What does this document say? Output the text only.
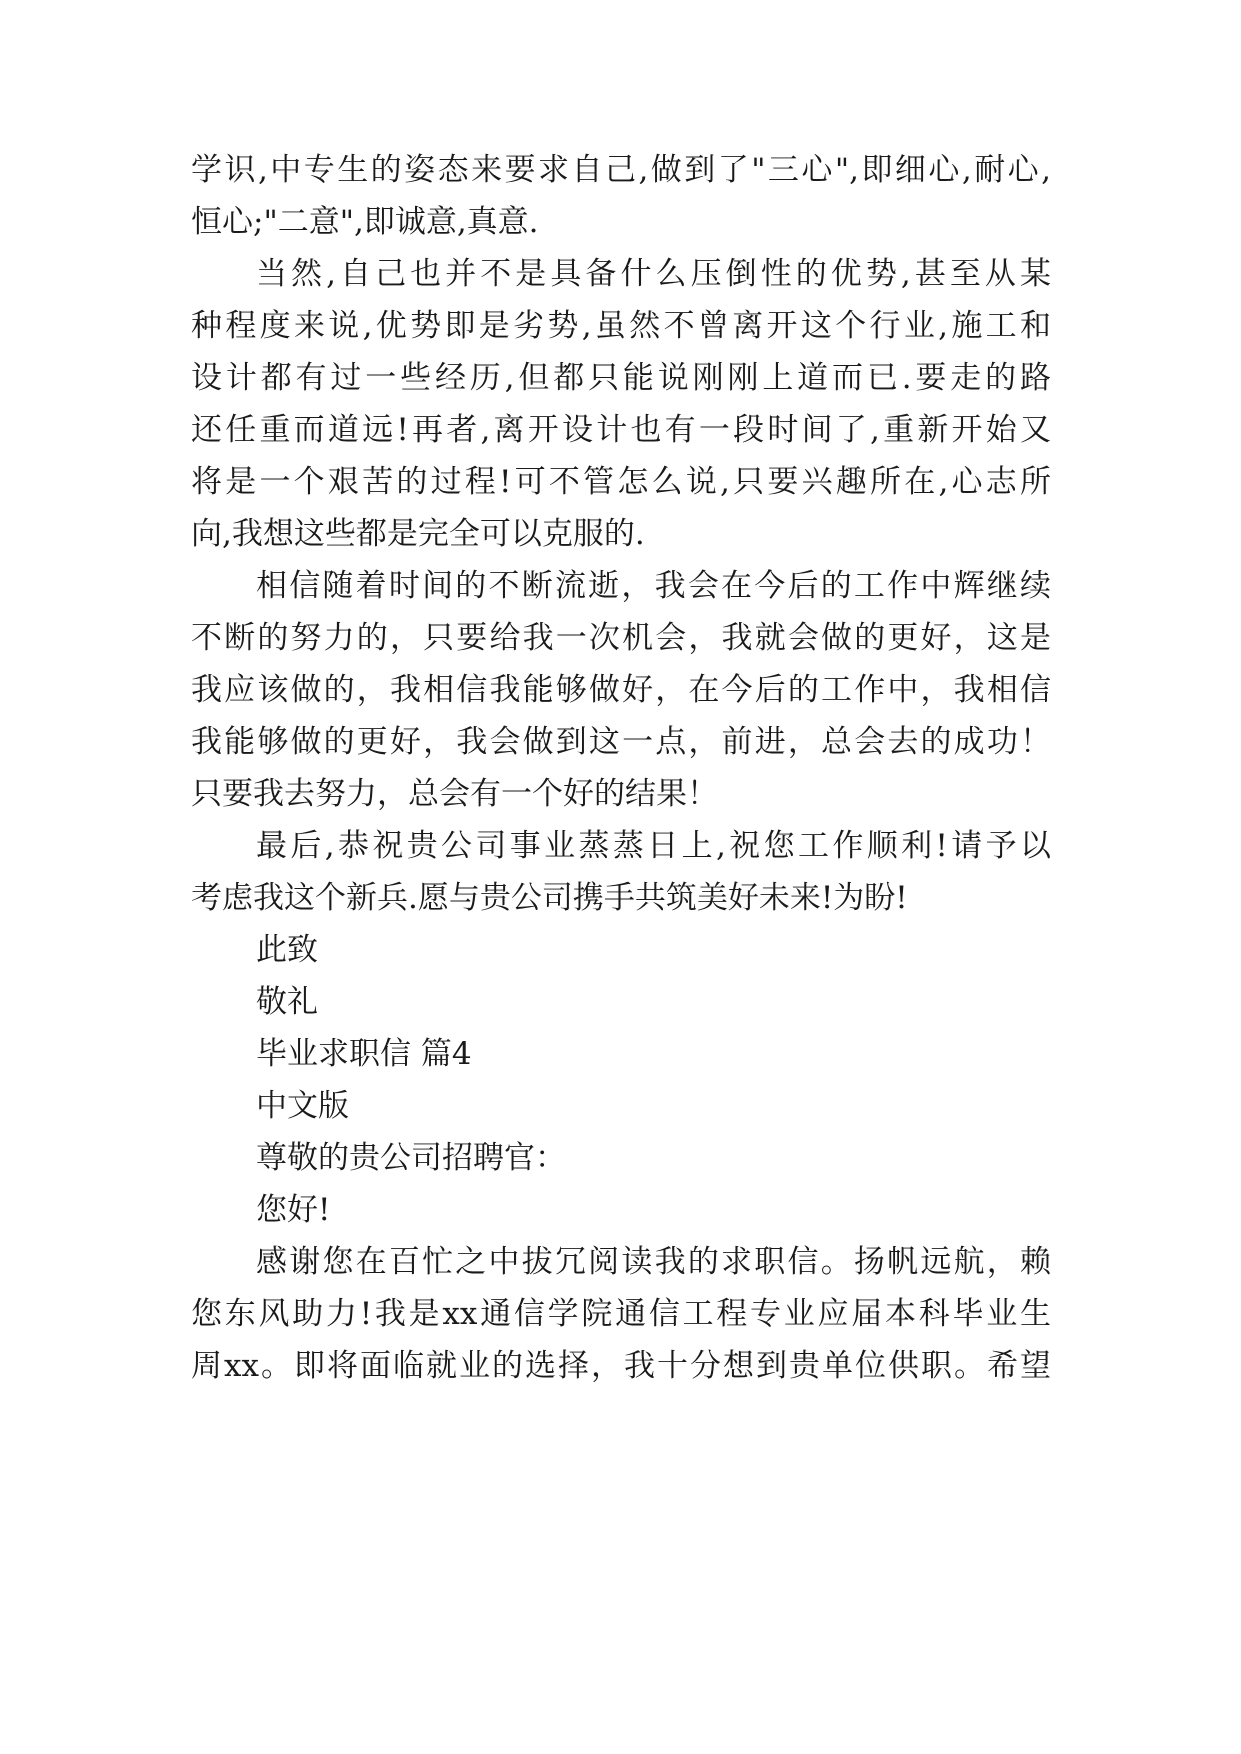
学识,中专生的姿态来要求自己,做到了"三心",即细心,耐心,

恒心;"二意",即诚意,真意.

当然,自己也并不是具备什么压倒性的优势,甚至从某

种程度来说,优势即是劣势,虽然不曾离开这个行业,施工和

设计都有过一些经历,但都只能说刚刚上道而已.要走的路

还任重而道远!再者,离开设计也有一段时间了,重新开始又

将是一个艰苦的过程!可不管怎么说,只要兴趣所在,心志所

向,我想这些都是完全可以克服的.

相信随着时间的不断流逝，我会在今后的工作中辉继续

不断的努力的，只要给我一次机会，我就会做的更好，这是

我应该做的，我相信我能够做好，在今后的工作中，我相信

我能够做的更好，我会做到这一点，前进，总会去的成功！

只要我去努力，总会有一个好的结果！

最后,恭祝贵公司事业蒸蒸日上,祝您工作顺利!请予以

考虑我这个新兵.愿与贵公司携手共筑美好未来!为盼!

此致

敬礼

毕业求职信 篇4

中文版

尊敬的贵公司招聘官：

您好!

感谢您在百忙之中拔冗阅读我的求职信。扬帆远航，赖

您东风助力!我是xx通信学院通信工程专业应届本科毕业生

周xx。即将面临就业的选择，我十分想到贵单位供职。希望
